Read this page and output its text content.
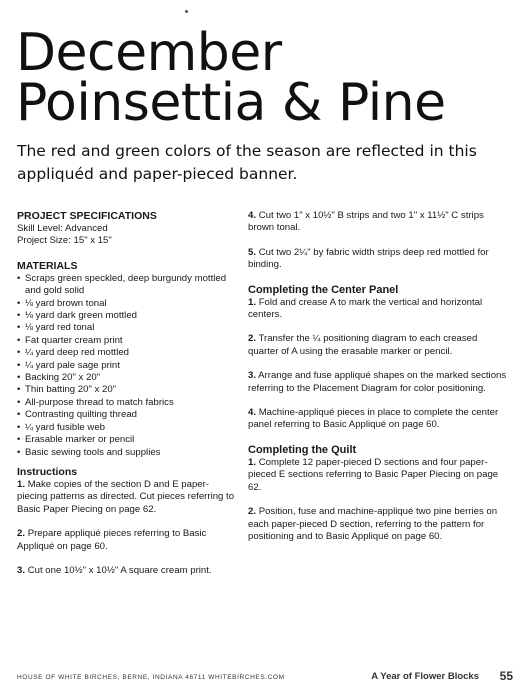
December
Poinsettia & Pine
The red and green colors of the season are reflected in this appliquéd and paper-pieced banner.

PROJECT SPECIFICATIONS

Skill Level: Advanced

Project Size: 15" x 15"

MATERIALS

• Scraps green speckled, deep burgundy mottled and gold solid
• ⅛ yard brown tonal
• ⅛ yard dark green mottled
• ⅛ yard red tonal
• Fat quarter cream print
• ¼ yard deep red mottled
• ¼ yard pale sage print
• Backing 20" x 20"
• Thin batting 20" x 20"
• All-purpose thread to match fabrics
• Contrasting quilting thread
• ¼ yard fusible web
• Erasable marker or pencil
• Basic sewing tools and supplies

Instructions

1. Make copies of the section D and E paper-piecing patterns as directed. Cut pieces referring to Basic Paper Piecing on page 62.

2. Prepare appliqué pieces referring to Basic Appliqué on page 60.

3. Cut one 10½" x 10½" A square cream print.

4. Cut two 1" x 10½" B strips and two 1" x 11½" C strips brown tonal.

5. Cut two 2¼" by fabric width strips deep red mottled for binding.

Completing the Center Panel

1. Fold and crease A to mark the vertical and horizontal centers.

2. Transfer the ¼ positioning diagram to each creased quarter of A using the erasable marker or pencil.

3. Arrange and fuse appliqué shapes on the marked sections referring to the Placement Diagram for color positioning.

4. Machine-appliqué pieces in place to complete the center panel referring to Basic Appliqué on page 60.

Completing the Quilt

1. Complete 12 paper-pieced D sections and four paper-pieced E sections referring to Basic Paper Piecing on page 62.

2. Position, fuse and machine-appliqué two pine berries on each paper-pieced D section, referring to the pattern for positioning and to Basic Appliqué on page 60.

HOUSE OF WHITE BIRCHES, BERNE, INDIANA 46711 WHITEBIRCHES.COM	A Year of Flower Blocks 55
